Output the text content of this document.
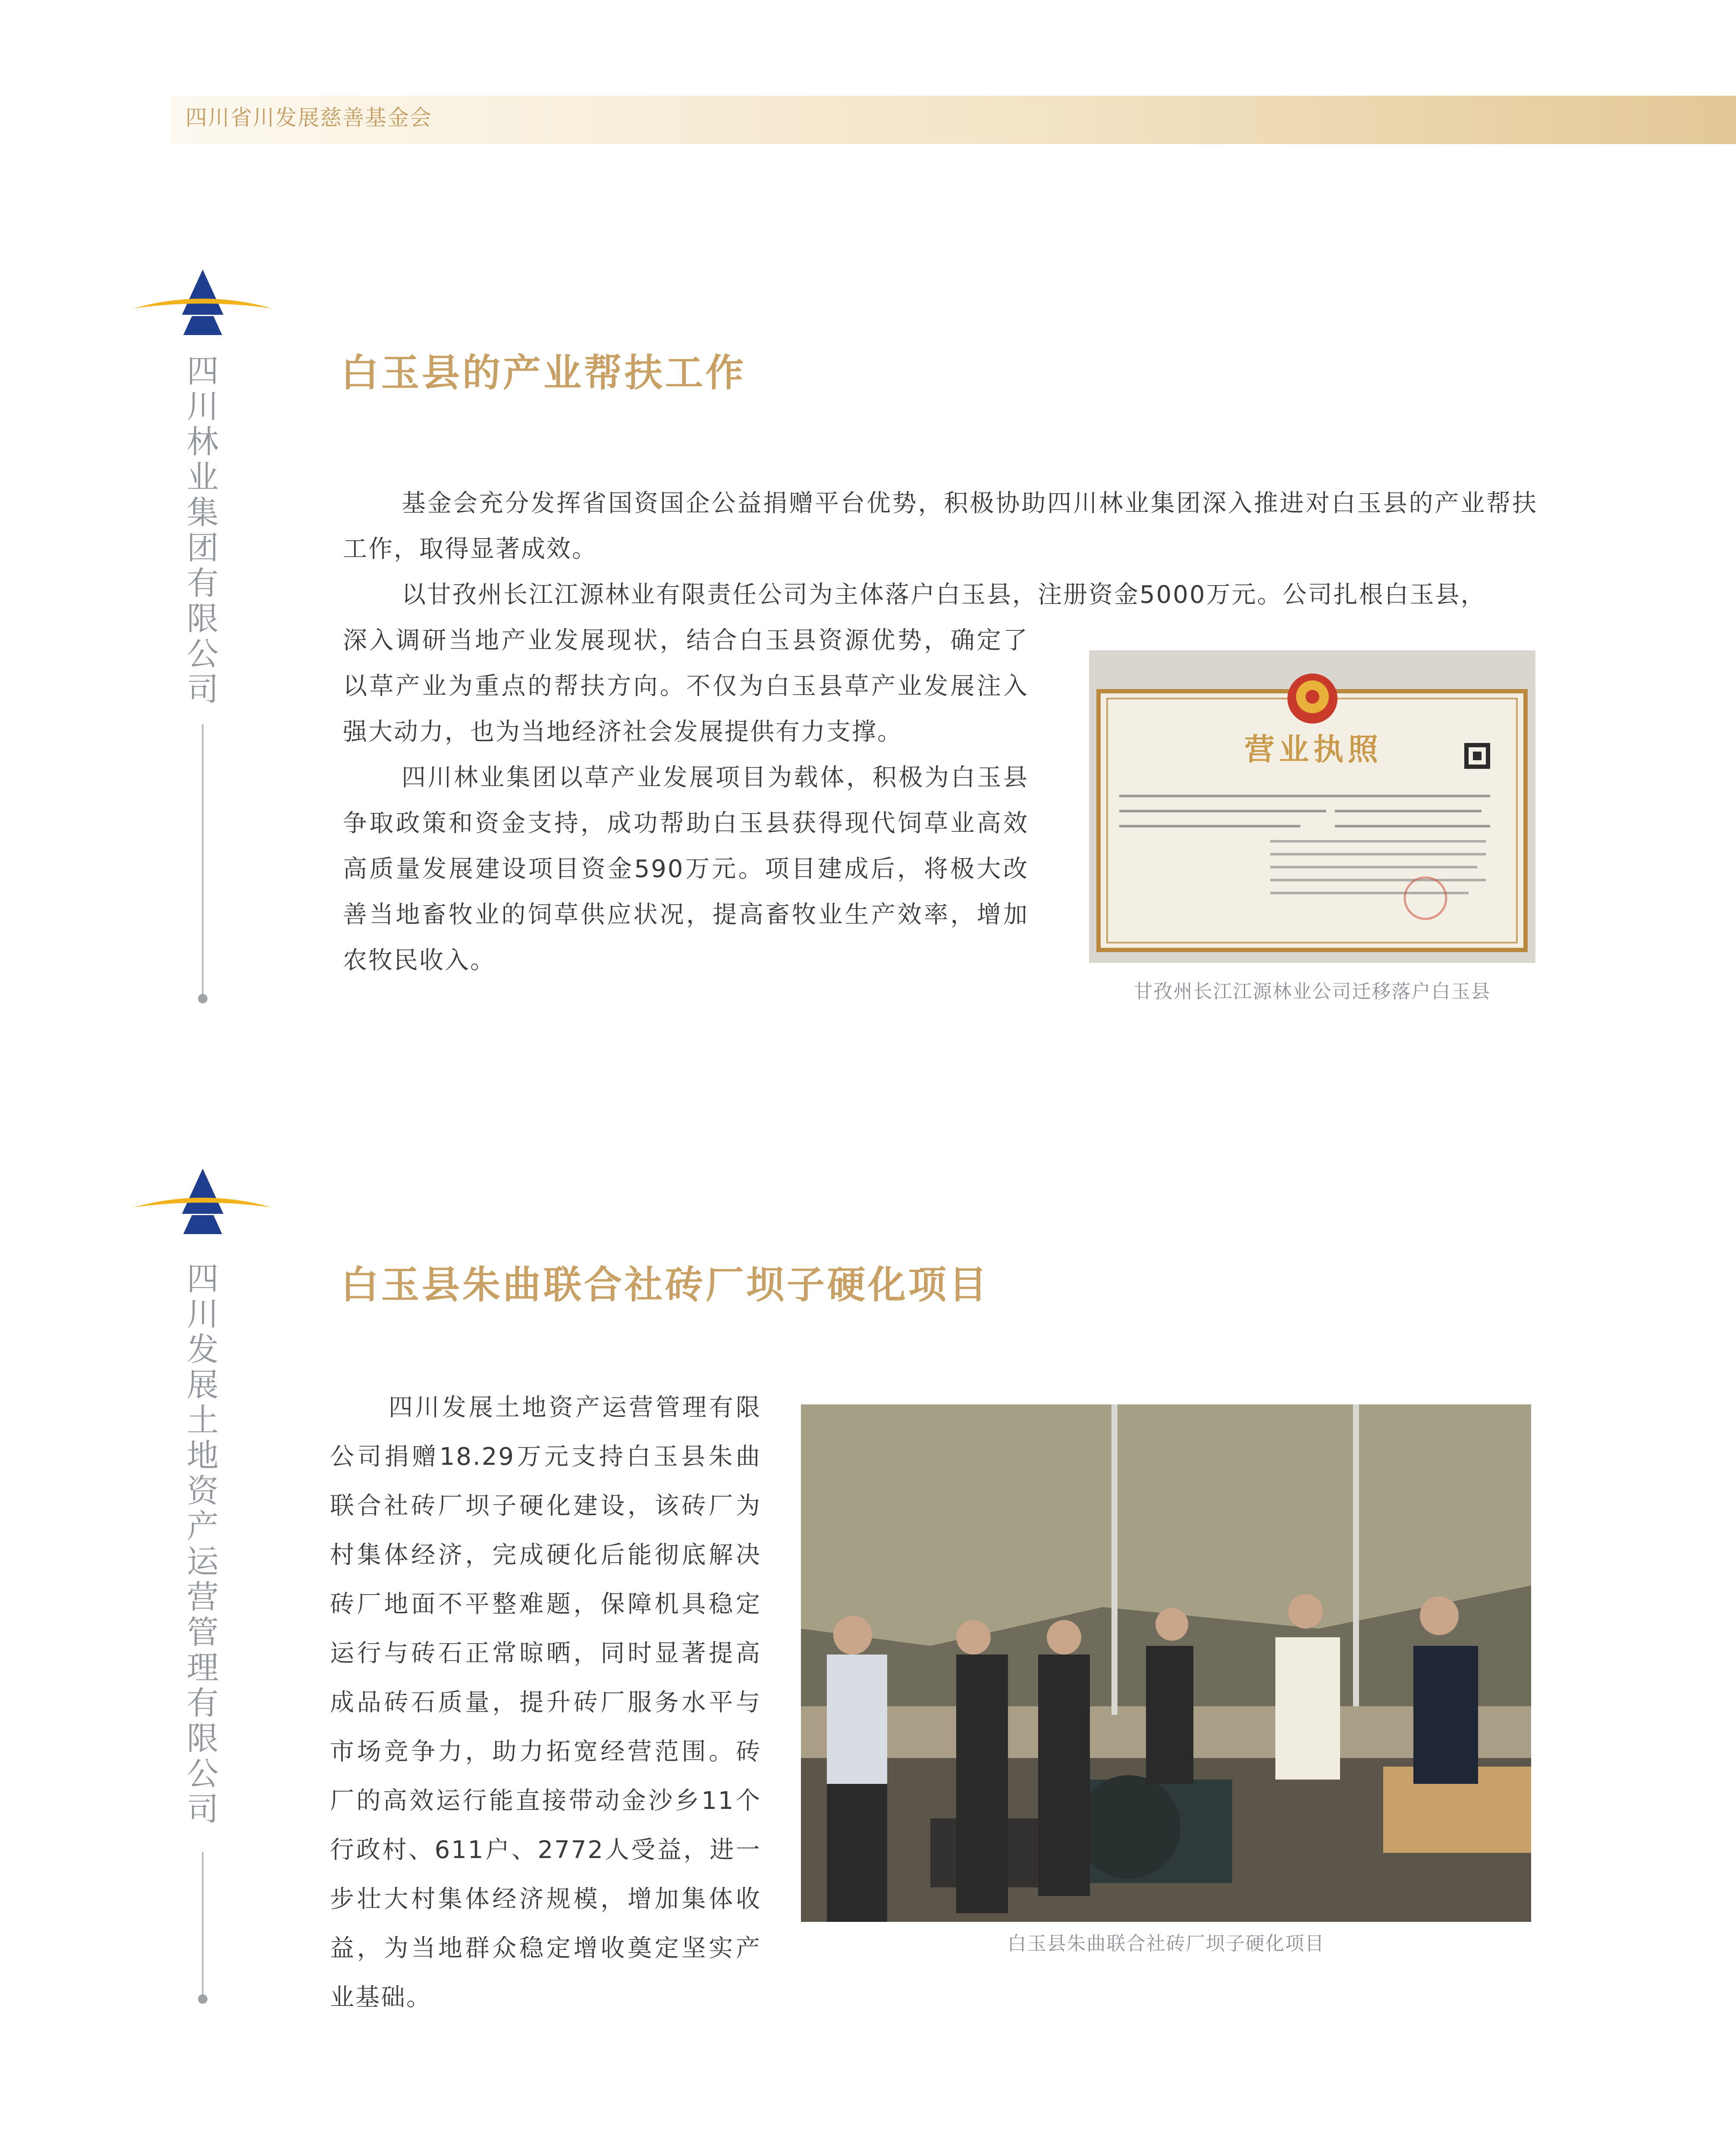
四川省川发展慈善基金会
四
川
林
业
集
团
有
限
公
司
白玉县的产业帮扶工作

基金会充分发挥省国资国企公益捐赠平台优势，积极协助四川林业集团深入推进对白玉县的产业帮扶工作，取得显著成效。

以甘孜州长江江源林业有限责任公司为主体落户白玉县，注册资金5000万元。公司扎根白玉县，

深入调研当地产业发展现状，结合白玉县资源优势，确定了以草产业为重点的帮扶方向。不仅为白玉县草产业发展注入强大动力，也为当地经济社会发展提供有力支撑。

四川林业集团以草产业发展项目为载体，积极为白玉县争取政策和资金支持，成功帮助白玉县获得现代饲草业高效高质量发展建设项目资金590万元。项目建成后，将极大改善当地畜牧业的饲草供应状况，提高畜牧业生产效率，增加农牧民收入。

营业执照
甘孜州长江江源林业公司迁移落户白玉县
四
川
发
展
土
地
资
产
运
营
管
理
有
限
公
司
白玉县朱曲联合社砖厂坝子硬化项目

四川发展土地资产运营管理有限公司捐赠18.29万元支持白玉县朱曲联合社砖厂坝子硬化建设，该砖厂为村集体经济，完成硬化后能彻底解决砖厂地面不平整难题，保障机具稳定运行与砖石正常晾晒，同时显著提高成品砖石质量，提升砖厂服务水平与市场竞争力，助力拓宽经营范围。砖厂的高效运行能直接带动金沙乡11个行政村、611户、2772人受益，进一步壮大村集体经济规模，增加集体收益，为当地群众稳定增收奠定坚实产业基础。

白玉县朱曲联合社砖厂坝子硬化项目
